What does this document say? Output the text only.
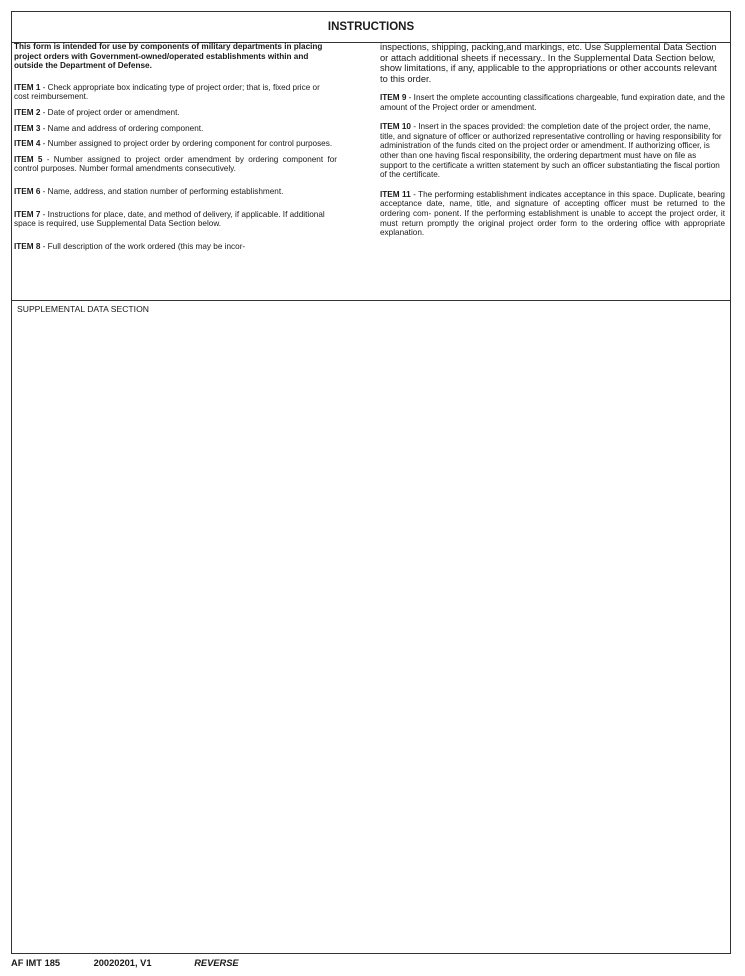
INSTRUCTIONS

This form is intended for use by components of military departments in placing project orders with Government-owned/operated establishments within and outside the Department of Defense.

ITEM 1 - Check appropriate box indicating type of project order; that is, fixed price or cost reimbursement.

ITEM 2 - Date of project order or amendment.

ITEM 3 - Name and address of ordering component.

ITEM 4 - Number assigned to project order by ordering component for control purposes.

ITEM 5 - Number assigned to project order amendment by ordering component for control purposes. Number formal amendments consecutively.

ITEM 6 - Name, address, and station number of performing establishment.

ITEM 7 - Instructions for place, date, and method of delivery, if applicable. If additional space is required, use Supplemental Data Section below.

ITEM 8 - Full description of the work ordered (this may be incor-

inspections, shipping, packing,and markings, etc. Use Supplemental Data Section or attach additional sheets if necessary.. In the Supplemental Data Section below, show limitations, if any, applicable to the appropriations or other accounts relevant to this order.

ITEM 9 - Insert the omplete accounting classifications chargeable, fund expiration date, and the amount of the Project order or amendment.

ITEM 10 - Insert in the spaces provided: the completion date of the project order, the name, title, and signature of officer or authorized representative controlling or having responsibility for administration of the funds cited on the project order or amendment. If authorizing officer, is other than one having fiscal responsibility, the ordering department must have on file as support to the certificate a written statement by such an officer substantiating the fiscal portion of the certificate.

ITEM 11 - The performing establishment indicates acceptance in this space. Duplicate, bearing acceptance date, name, title, and signature of accepting officer must be returned to the ordering com- ponent. If the performing establishment is unable to accept the project order, it must return promptly the original project order form to the ordering office with appropriate explanation.

SUPPLEMENTAL DATA SECTION
AF IMT 185	20020201, V1	REVERSE
